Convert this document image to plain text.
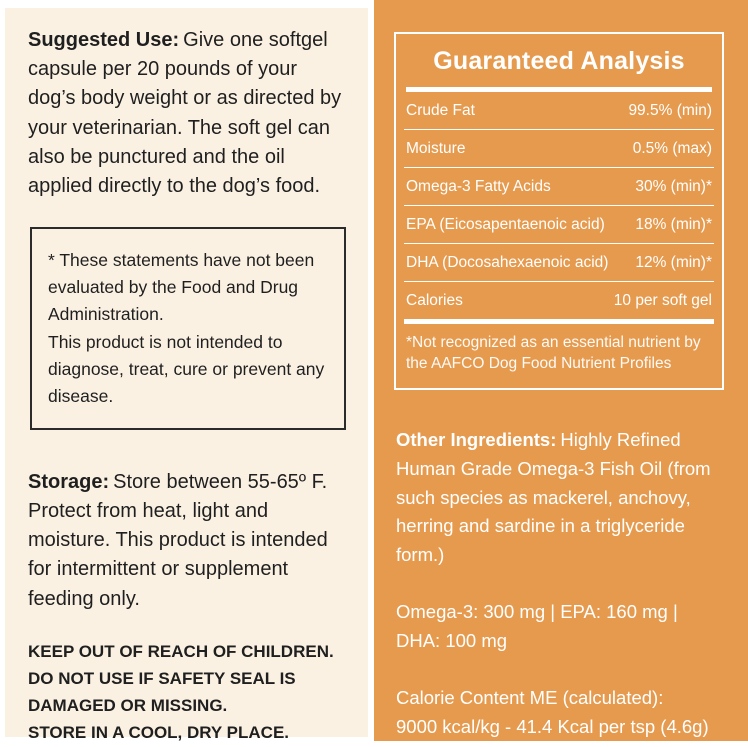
Suggested Use: Give one softgel capsule per 20 pounds of your dog’s body weight or as directed by your veterinarian. The soft gel can also be punctured and the oil applied directly to the dog’s food.

* These statements have not been evaluated by the Food and Drug Administration.

This product is not intended to diagnose, treat, cure or prevent any disease.

Storage: Store between 55-65º F. Protect from heat, light and moisture. This product is intended for intermittent or supplement feeding only.

KEEP OUT OF REACH OF CHILDREN.
DO NOT USE IF SAFETY SEAL IS DAMAGED OR MISSING.
STORE IN A COOL, DRY PLACE.
Guaranteed Analysis
Crude Fat	99.5% (min)
Moisture	0.5% (max)
Omega-3 Fatty Acids	30% (min)*
EPA (Eicosapentaenoic acid)	18% (min)*
DHA (Docosahexaenoic acid)	12% (min)*
Calories	10 per soft gel
*Not recognized as an essential nutrient by the AAFCO Dog Food Nutrient Profiles

Other Ingredients: Highly Refined Human Grade Omega-3 Fish Oil (from such species as mackerel, anchovy, herring and sardine in a triglyceride form.)

Omega-3: 300 mg | EPA: 160 mg |
DHA: 100 mg
Calorie Content ME (calculated):
9000 kcal/kg - 41.4 Kcal per tsp (4.6g)
